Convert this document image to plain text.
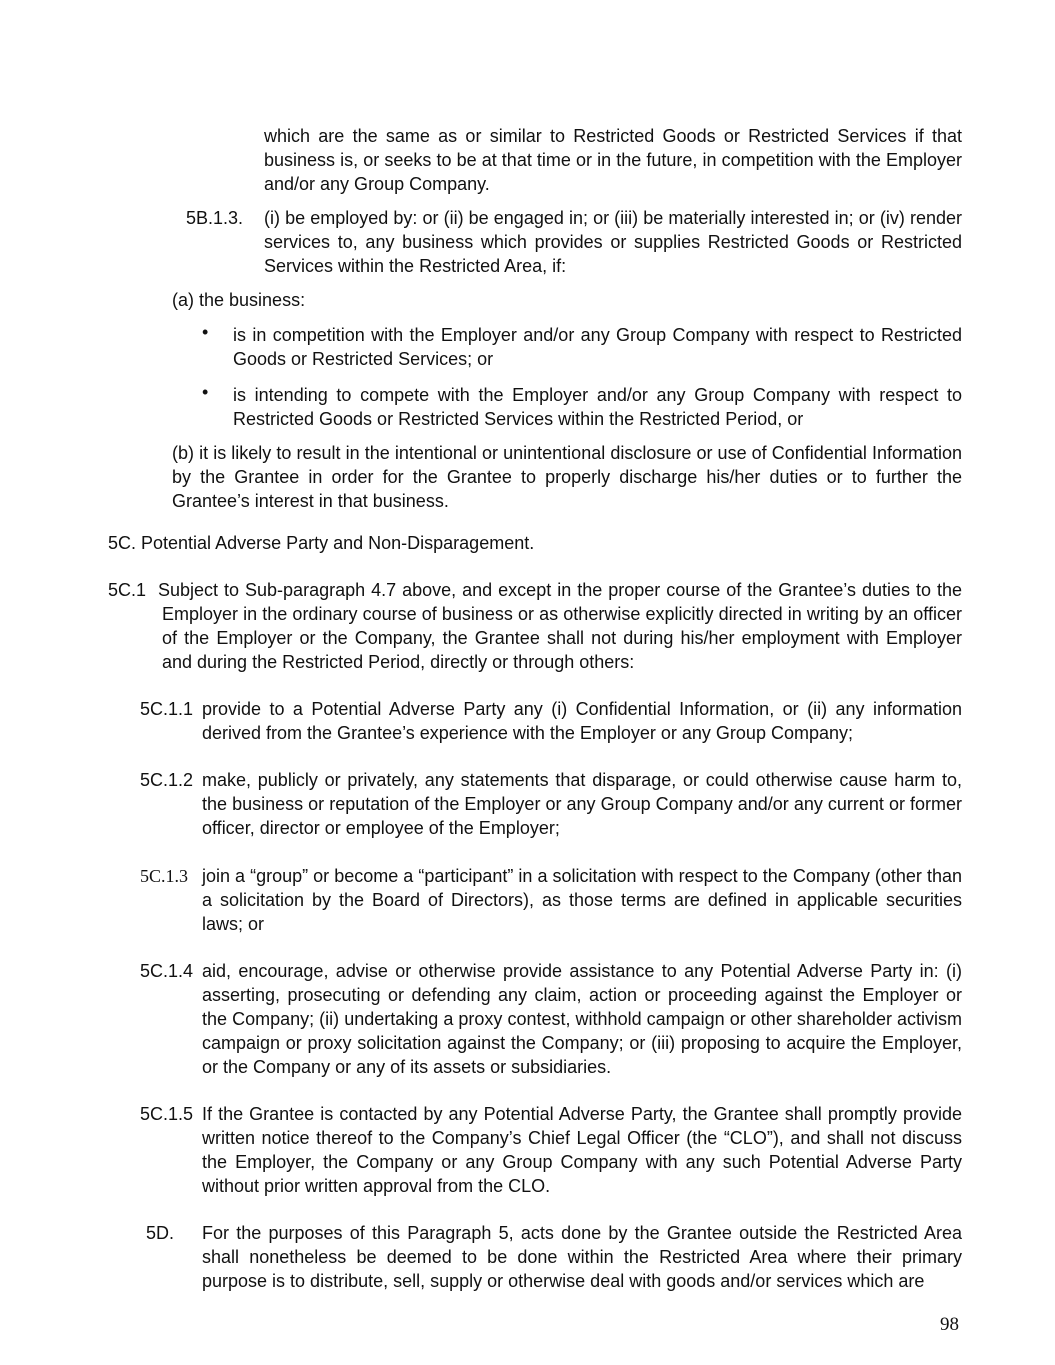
which are the same as or similar to Restricted Goods or Restricted Services if that business is, or seeks to be at that time or in the future, in competition with the Employer and/or any Group Company.

5B.1.3. (i) be employed by: or (ii) be engaged in; or (iii) be materially interested in; or (iv) render services to, any business which provides or supplies Restricted Goods or Restricted Services within the Restricted Area, if:

(a) the business:

• is in competition with the Employer and/or any Group Company with respect to Restricted Goods or Restricted Services; or

• is intending to compete with the Employer and/or any Group Company with respect to Restricted Goods or Restricted Services within the Restricted Period, or

(b) it is likely to result in the intentional or unintentional disclosure or use of Confidential Information by the Grantee in order for the Grantee to properly discharge his/her duties or to further the Grantee’s interest in that business.

5C. Potential Adverse Party and Non-Disparagement.

5C.1 Subject to Sub-paragraph 4.7 above, and except in the proper course of the Grantee’s duties to the Employer in the ordinary course of business or as otherwise explicitly directed in writing by an officer of the Employer or the Company, the Grantee shall not during his/her employment with Employer and during the Restricted Period, directly or through others:

5C.1.1 provide to a Potential Adverse Party any (i) Confidential Information, or (ii) any information derived from the Grantee’s experience with the Employer or any Group Company;

5C.1.2 make, publicly or privately, any statements that disparage, or could otherwise cause harm to, the business or reputation of the Employer or any Group Company and/or any current or former officer, director or employee of the Employer;

5C.1.3 join a “group” or become a “participant” in a solicitation with respect to the Company (other than a solicitation by the Board of Directors), as those terms are defined in applicable securities laws; or

5C.1.4 aid, encourage, advise or otherwise provide assistance to any Potential Adverse Party in: (i) asserting, prosecuting or defending any claim, action or proceeding against the Employer or the Company; (ii) undertaking a proxy contest, withhold campaign or other shareholder activism campaign or proxy solicitation against the Company; or (iii) proposing to acquire the Employer, or the Company or any of its assets or subsidiaries.

5C.1.5 If the Grantee is contacted by any Potential Adverse Party, the Grantee shall promptly provide written notice thereof to the Company’s Chief Legal Officer (the “CLO”), and shall not discuss the Employer, the Company or any Group Company with any such Potential Adverse Party without prior written approval from the CLO.

5D. For the purposes of this Paragraph 5, acts done by the Grantee outside the Restricted Area shall nonetheless be deemed to be done within the Restricted Area where their primary purpose is to distribute, sell, supply or otherwise deal with goods and/or services which are

98
